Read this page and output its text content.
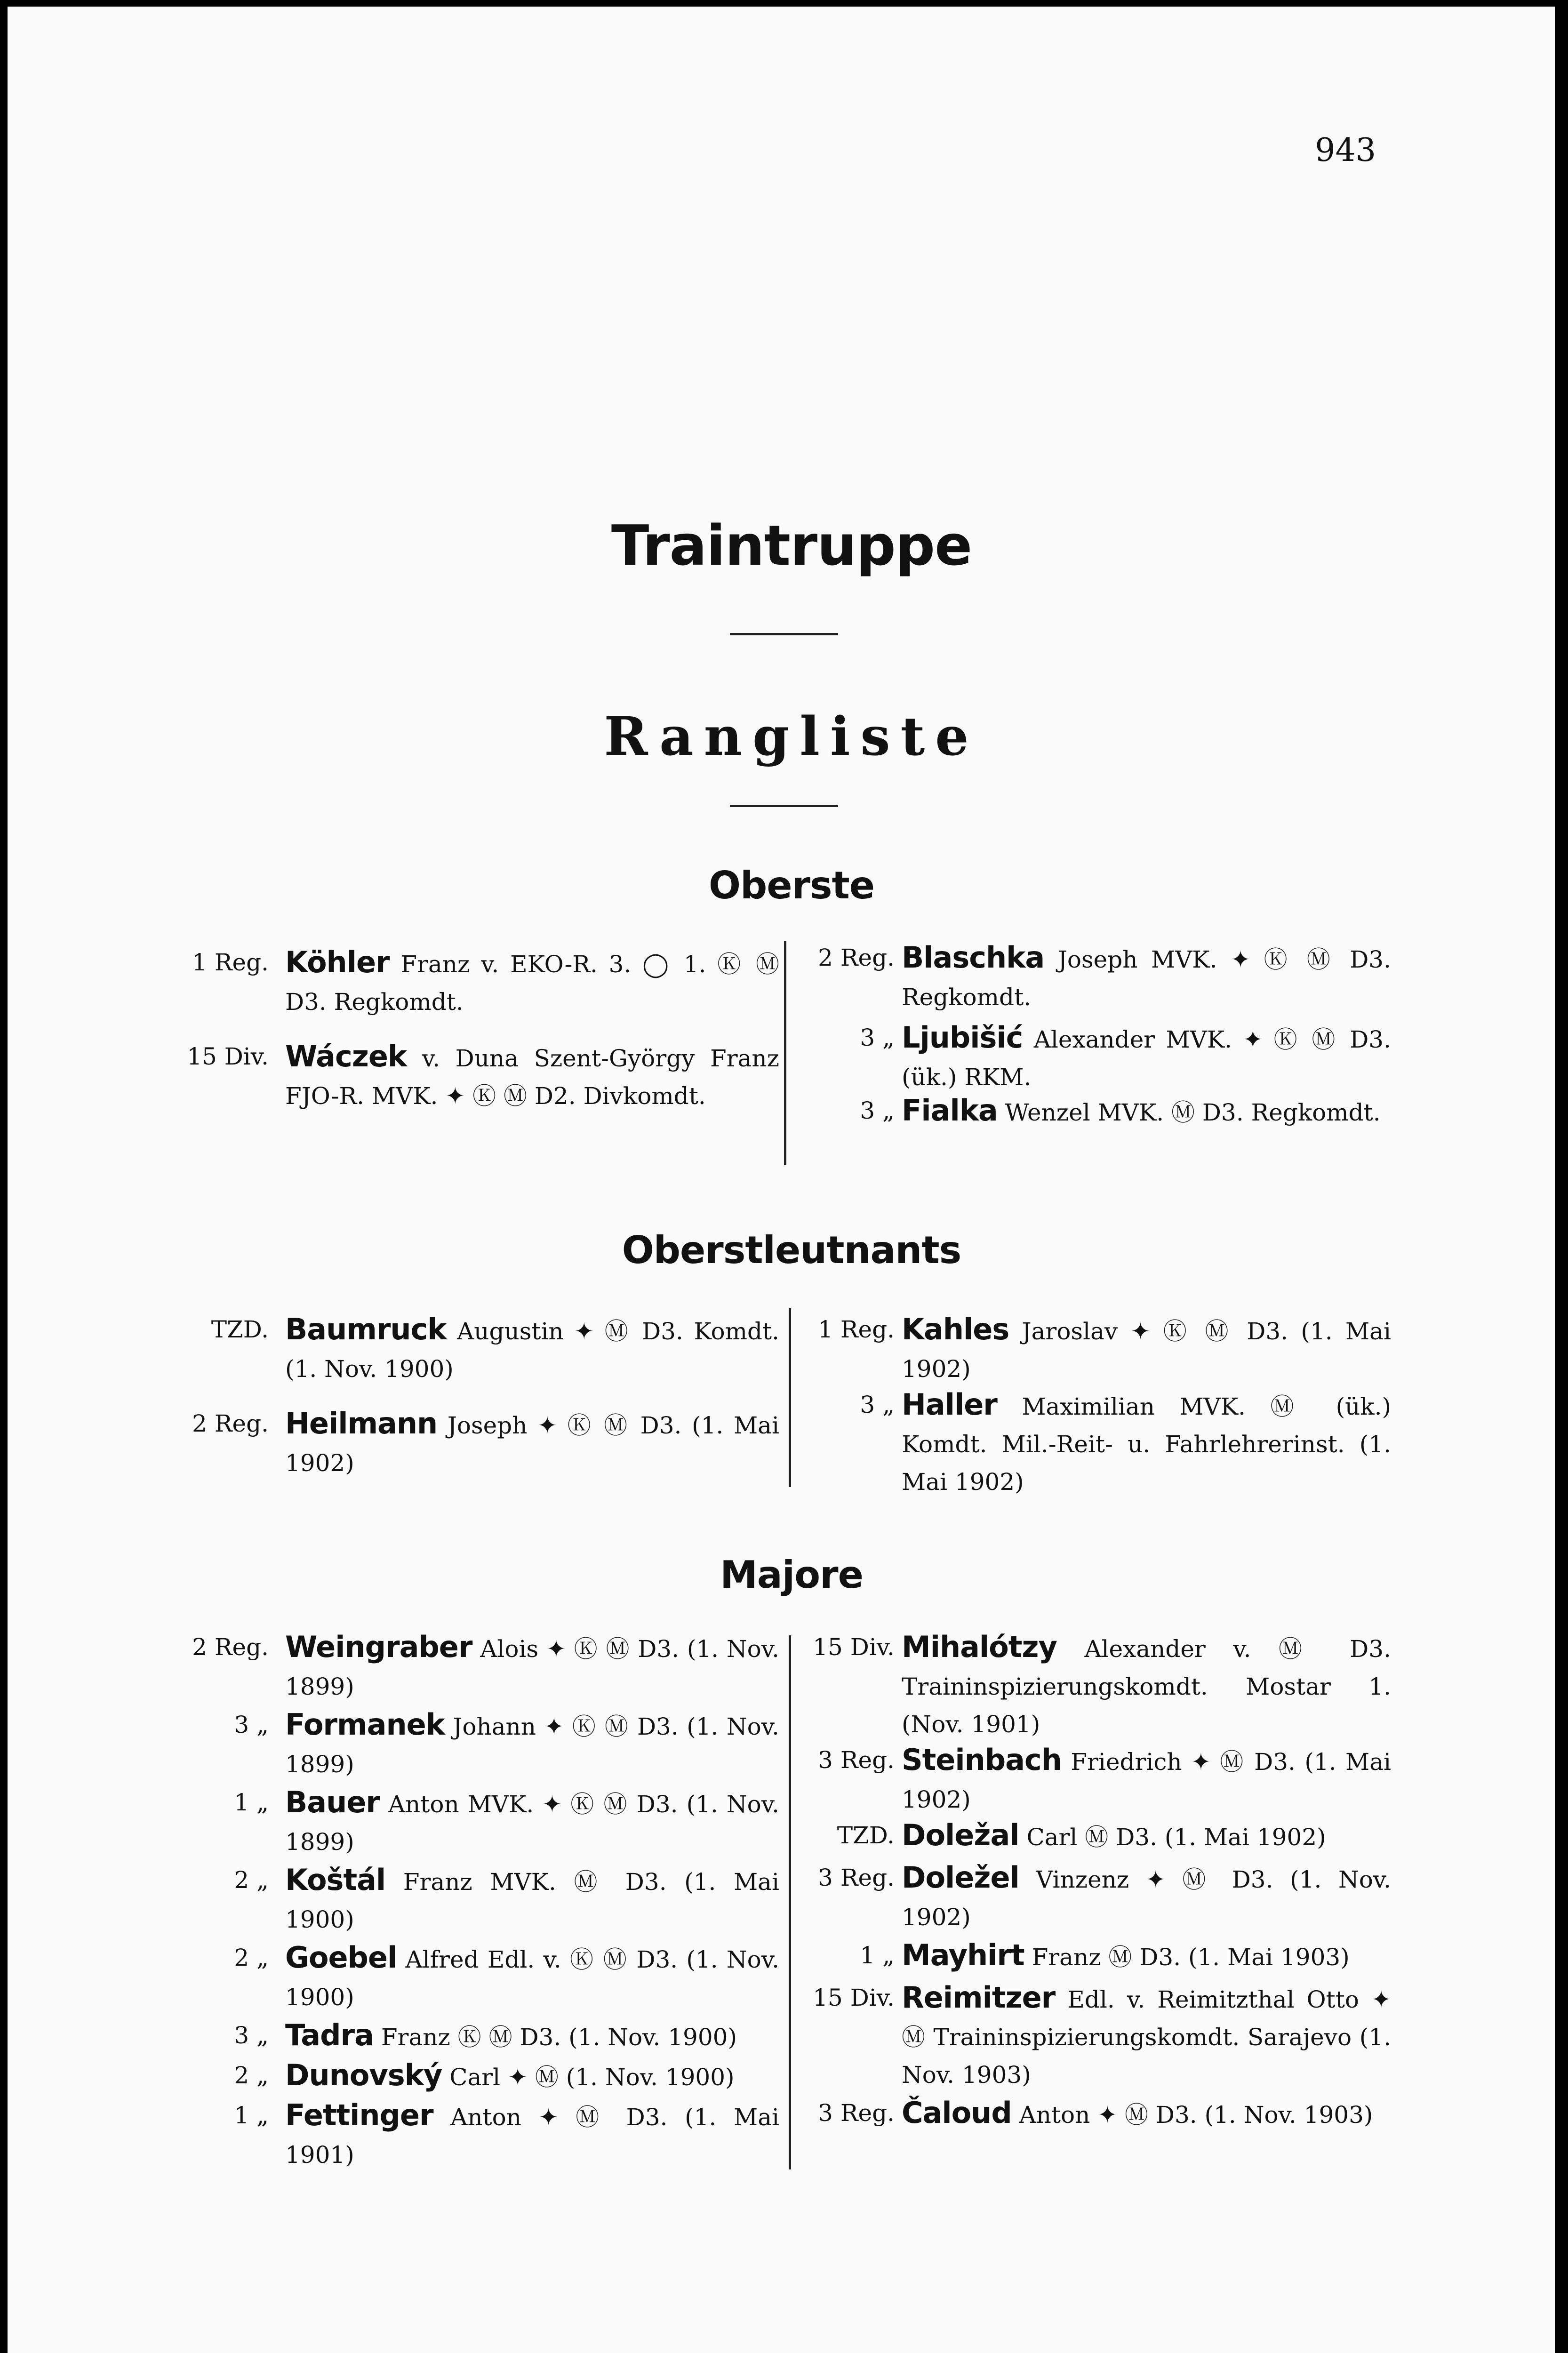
943
Traintruppe
Rangliste
Oberste
1 Reg. Köhler Franz v. EKO-R. 3. ◯ 1. Ⓚ Ⓜ D3. Regkomdt.
15 Div. Wáczek v. Duna Szent-György Franz FJO-R. MVK. ✦ Ⓚ Ⓜ D2. Divkomdt.
2 Reg. Blaschka Joseph MVK. ✦ Ⓚ Ⓜ D3. Regkomdt.
3 „ Ljubišić Alexander MVK. ✦ Ⓚ Ⓜ D3. (ük.) RKM.
3 „ Fialka Wenzel MVK. Ⓜ D3. Regkomdt.
Oberstleutnants
TZD. Baumruck Augustin ✦ Ⓜ D3. Komdt. (1. Nov. 1900)
2 Reg. Heilmann Joseph ✦ Ⓚ Ⓜ D3. (1. Mai 1902)
1 Reg. Kahles Jaroslav ✦ Ⓚ Ⓜ D3. (1. Mai 1902)
3 „ Haller Maximilian MVK. Ⓜ (ük.) Komdt. Mil.-Reit- u. Fahrlehrerinst. (1. Mai 1902)
Majore
2 Reg. Weingraber Alois ✦ Ⓚ Ⓜ D3. (1. Nov. 1899)
3 „ Formanek Johann ✦ Ⓚ Ⓜ D3. (1. Nov. 1899)
1 „ Bauer Anton MVK. ✦ Ⓚ Ⓜ D3. (1. Nov. 1899)
2 „ Koštál Franz MVK. Ⓜ D3. (1. Mai 1900)
2 „ Goebel Alfred Edl. v. Ⓚ Ⓜ D3. (1. Nov. 1900)
3 „ Tadra Franz Ⓚ Ⓜ D3. (1. Nov. 1900)
2 „ Dunovský Carl ✦ Ⓜ (1. Nov. 1900)
1 „ Fettinger Anton ✦ Ⓜ D3. (1. Mai 1901)
15 Div. Mihalótzy Alexander v. Ⓜ D3. Traininspizierungskomdt. Mostar 1. (Nov. 1901)
3 Reg. Steinbach Friedrich ✦ Ⓜ D3. (1. Mai 1902)
TZD. Doležal Carl Ⓜ D3. (1. Mai 1902)
3 Reg. Doležel Vinzenz ✦ Ⓜ D3. (1. Nov. 1902)
1 „ Mayhirt Franz Ⓜ D3. (1. Mai 1903)
15 Div. Reimitzer Edl. v. Reimitzthal Otto ✦ Ⓜ Traininspizierungskomdt. Sarajevo (1. Nov. 1903)
3 Reg. Čaloud Anton ✦ Ⓜ D3. (1. Nov. 1903)
